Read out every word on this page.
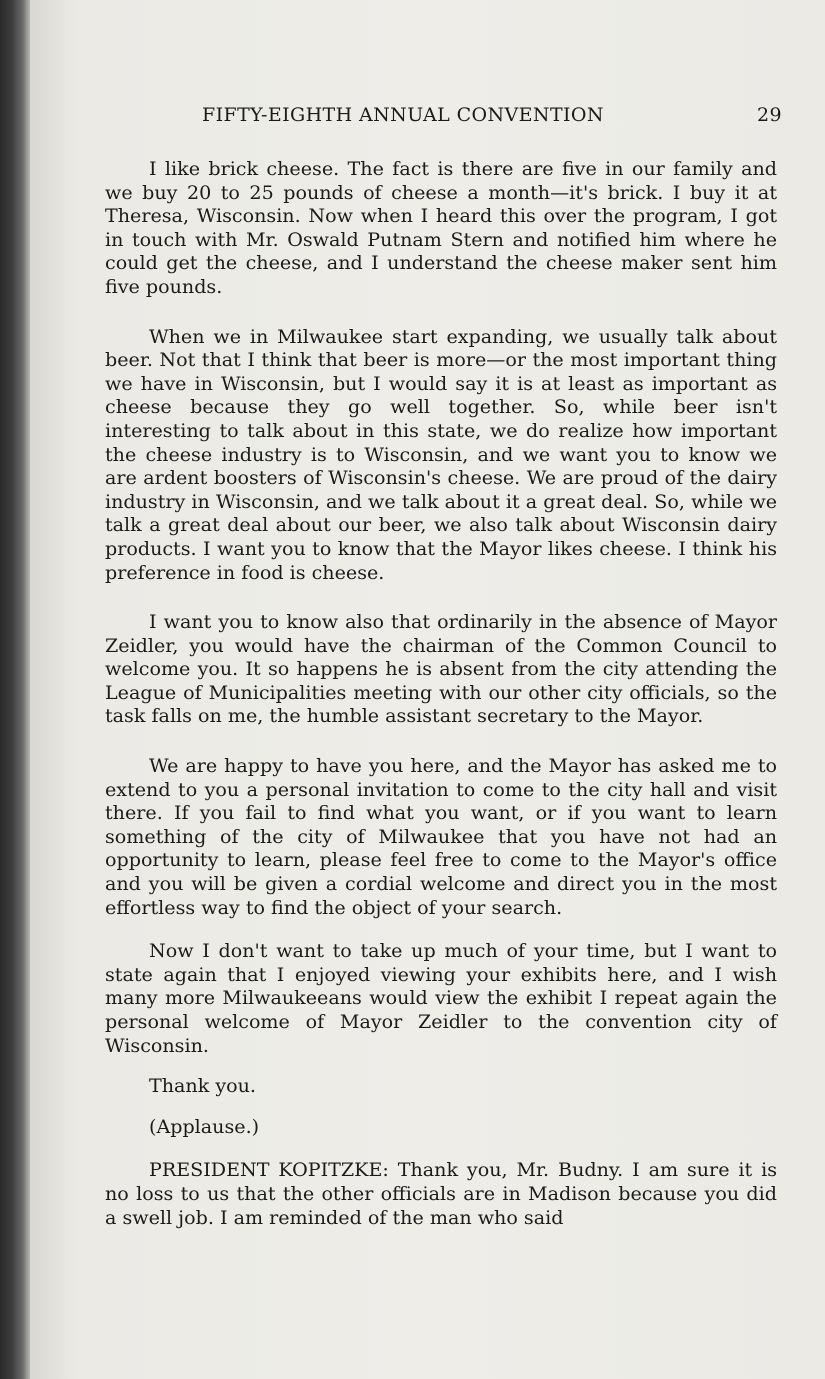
FIFTY-EIGHTH ANNUAL CONVENTION	29

I like brick cheese. The fact is there are five in our family and we buy 20 to 25 pounds of cheese a month—it's brick. I buy it at Theresa, Wisconsin. Now when I heard this over the program, I got in touch with Mr. Oswald Putnam Stern and notified him where he could get the cheese, and I understand the cheese maker sent him five pounds.

When we in Milwaukee start expanding, we usually talk about beer. Not that I think that beer is more—or the most important thing we have in Wisconsin, but I would say it is at least as important as cheese because they go well together. So, while beer isn't interesting to talk about in this state, we do realize how important the cheese industry is to Wisconsin, and we want you to know we are ardent boosters of Wisconsin's cheese. We are proud of the dairy industry in Wisconsin, and we talk about it a great deal. So, while we talk a great deal about our beer, we also talk about Wisconsin dairy products. I want you to know that the Mayor likes cheese. I think his preference in food is cheese.

I want you to know also that ordinarily in the absence of Mayor Zeidler, you would have the chairman of the Common Council to welcome you. It so happens he is absent from the city attending the League of Municipalities meeting with our other city officials, so the task falls on me, the humble assistant secretary to the Mayor.

We are happy to have you here, and the Mayor has asked me to extend to you a personal invitation to come to the city hall and visit there. If you fail to find what you want, or if you want to learn something of the city of Milwaukee that you have not had an opportunity to learn, please feel free to come to the Mayor's office and you will be given a cordial welcome and direct you in the most effortless way to find the object of your search.

Now I don't want to take up much of your time, but I want to state again that I enjoyed viewing your exhibits here, and I wish many more Milwaukeeans would view the exhibit I repeat again the personal welcome of Mayor Zeidler to the convention city of Wisconsin.

Thank you.

(Applause.)

PRESIDENT KOPITZKE: Thank you, Mr. Budny. I am sure it is no loss to us that the other officials are in Madison because you did a swell job. I am reminded of the man who said
